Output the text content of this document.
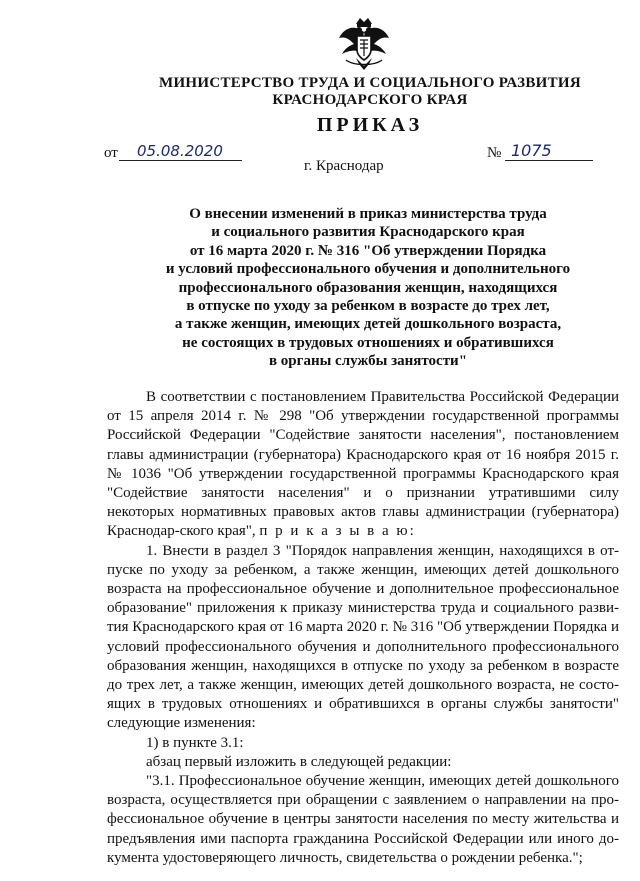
МИНИСТЕРСТВО ТРУДА И СОЦИАЛЬНОГО РАЗВИТИЯ
КРАСНОДАРСКОГО КРАЯ
ПРИКАЗ
от	05.08.2020	№ 1075
г. Краснодар
О внесении изменений в приказ министерства труда
и социального развития Краснодарского края
от 16 марта 2020 г. № 316 "Об утверждении Порядка
и условий профессионального обучения и дополнительного
профессионального образования женщин, находящихся
в отпуске по уходу за ребенком в возрасте до трех лет,
а также женщин, имеющих детей дошкольного возраста,
не состоящих в трудовых отношениях и обратившихся
в органы службы занятости"

В соответствии с постановлением Правительства Российской Федерации от 15 апреля 2014 г. № 298 "Об утверждении государственной программы Российской Федерации "Содействие занятости населения", постановлением главы администрации (губернатора) Краснодарского края от 16 ноября 2015 г. № 1036 "Об утверждении государственной программы Краснодарского края "Содействие занятости населения" и о признании утратившими силу некоторых нормативных правовых актов главы администрации (губернатора) Краснодар-ского края", п р и к а з ы в а ю:

1. Внести в раздел 3 "Порядок направления женщин, находящихся в от-пуске по уходу за ребенком, а также женщин, имеющих детей дошкольного возраста на профессиональное обучение и дополнительное профессиональное образование" приложения к приказу министерства труда и социального разви-тия Краснодарского края от 16 марта 2020 г. № 316 "Об утверждении Порядка и условий профессионального обучения и дополнительного профессионального образования женщин, находящихся в отпуске по уходу за ребенком в возрасте до трех лет, а также женщин, имеющих детей дошкольного возраста, не состо-ящих в трудовых отношениях и обратившихся в органы службы занятости" следующие изменения:

1) в пункте 3.1:

абзац первый изложить в следующей редакции:

"3.1. Профессиональное обучение женщин, имеющих детей дошкольного возраста, осуществляется при обращении с заявлением о направлении на про-фессиональное обучение в центры занятости населения по месту жительства и предъявления ими паспорта гражданина Российской Федерации или иного до-кумента удостоверяющего личность, свидетельства о рождении ребенка.";
